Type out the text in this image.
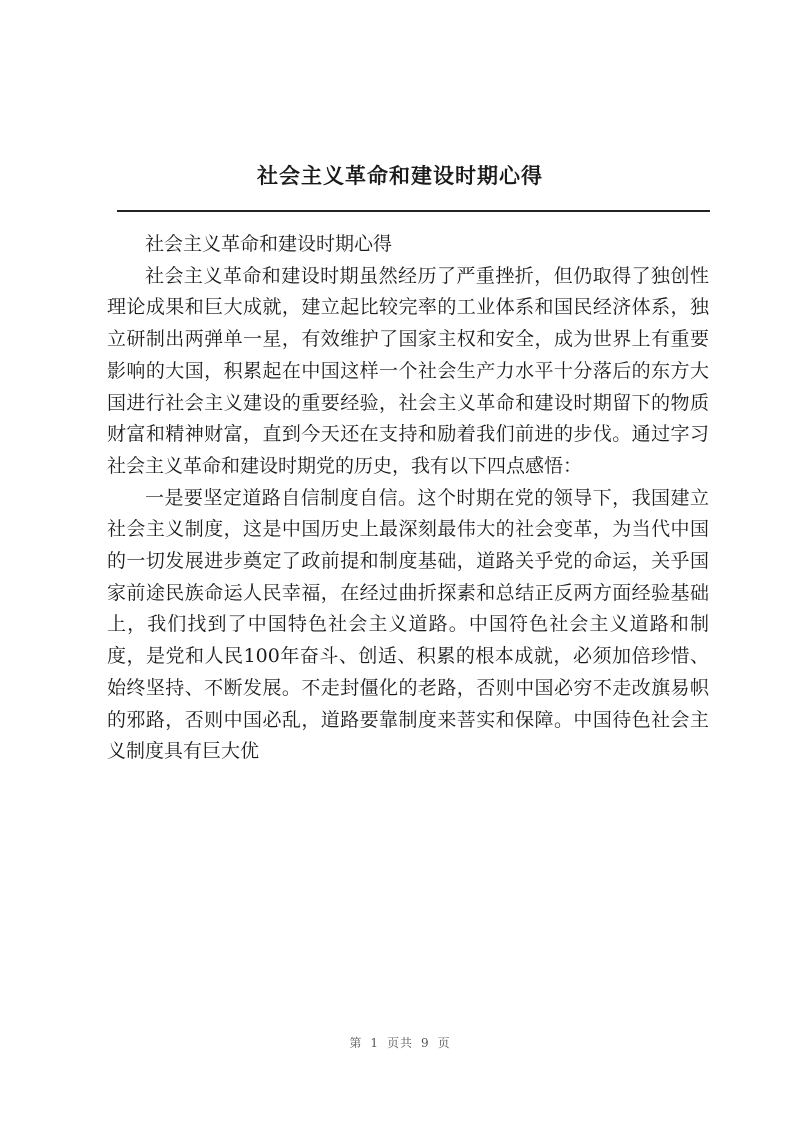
社会主义革命和建设时期心得

社会主义革命和建设时期心得

社会主义革命和建设时期虽然经历了严重挫折，但仍取得了独创性理论成果和巨大成就，建立起比较完率的工业体系和国民经济体系，独立研制出两弹单一星，有效维护了国家主权和安全，成为世界上有重要影响的大国，积累起在中国这样一个社会生产力水平十分落后的东方大国进行社会主义建设的重要经验，社会主义革命和建设时期留下的物质财富和精神财富，直到今天还在支持和励着我们前进的步伐。通过字习社会主义革命和建设时期党的历史，我有以下四点感悟：

一是要坚定道路自信制度自信。这个时期在党的领导下，我国建立社会主义制度，这是中国历史上最深刻最伟大的社会变革，为当代中国的一切发展进步奠定了政前提和制度基础，道路关乎党的命运，关乎国家前途民族命运人民幸福，在经过曲折探素和总结正反两方面经验基础上，我们找到了中国特色社会主义道路。中国符色社会主义道路和制度，是党和人民100年奋斗、创适、积累的根本成就，必须加倍珍惜、始终坚持、不断发展。不走封僵化的老路，否则中国必穷不走改旗易帜的邪路，否则中国必乱，道路要靠制度来菩实和保障。中国待色社会主义制度具有巨大优

第 1 页共 9 页
